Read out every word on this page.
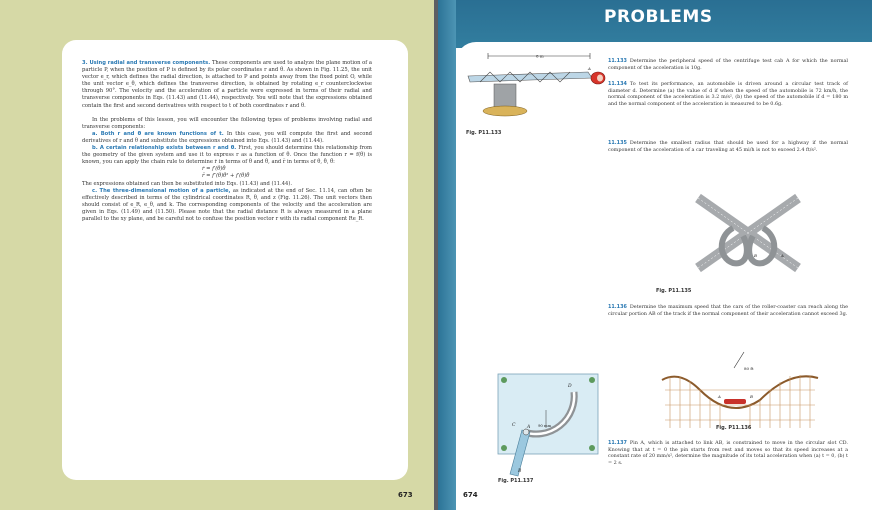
3. Using radial and transverse components. These components are used to analyze the plane motion of a particle P, when the position of P is defined by its polar coordinates r and θ. As shown in Fig. 11.25, the unit vector e_r, which defines the radial direction, is attached to P and points away from the fixed point O, while the unit vector e_θ, which defines the transverse direction, is obtained by rotating e_r counterclockwise through 90°. The velocity and the acceleration of a particle were expressed in terms of their radial and transverse components in Eqs. (11.43) and (11.44), respectively. You will note that the expressions obtained contain the first and second derivatives with respect to t of both coordinates r and θ.

In the problems of this lesson, you will encounter the following types of problems involving radial and transverse components:

a. Both r and θ are known functions of t. In this case, you will compute the first and second derivatives of r and θ and substitute the expressions obtained into Eqs. (11.43) and (11.44).

b. A certain relationship exists between r and θ. First, you should determine this relationship from the geometry of the given system and use it to express r as a function of θ. Once the function r = f(θ) is known, you can apply the chain rule to determine ṙ in terms of θ and θ̇, and r̈ in terms of θ, θ̇, θ̈:

ṙ = f′(θ)θ̇

r̈ = f″(θ)θ̇² + f′(θ)θ̈

The expressions obtained can then be substituted into Eqs. (11.43) and (11.44).

c. The three-dimensional motion of a particle, as indicated at the end of Sec. 11.14, can often be effectively described in terms of the cylindrical coordinates R, θ, and z (Fig. 11.26). The unit vectors then should consist of e_R, e_θ, and k. The corresponding components of the velocity and the acceleration are given in Eqs. (11.49) and (11.50). Please note that the radial distance R is always measured in a plane parallel to the xy plane, and be careful not to confuse the position vector r with its radial component Re_R.

673
PROBLEMS
8 m
A
Fig. P11.133
11.133 Determine the peripheral speed of the centrifuge test cab A for which the normal component of the acceleration is 10g.
11.134 To test its performance, an automobile is driven around a circular test track of diameter d. Determine (a) the value of d if when the speed of the automobile is 72 km/h, the normal component of the acceleration is 3.2 m/s², (b) the speed of the automobile if d = 180 m and the normal component of the acceleration is measured to be 0.6g.
11.135 Determine the smallest radius that should be used for a highway if the normal component of the acceleration of a car traveling at 45 mi/h is not to exceed 2.4 ft/s².
B	A
Fig. P11.135
11.136 Determine the maximum speed that the cars of the roller-coaster can reach along the circular portion AB of the track if the normal component of their acceleration cannot exceed 3g.
80 ft
A	B
Fig. P11.136
D
C	90 mm
A
B
Fig. P11.137
11.137 Pin A, which is attached to link AB, is constrained to move in the circular slot CD. Knowing that at t = 0 the pin starts from rest and moves so that its speed increases at a constant rate of 20 mm/s², determine the magnitude of its total acceleration when (a) t = 0, (b) t = 2 s.
674
